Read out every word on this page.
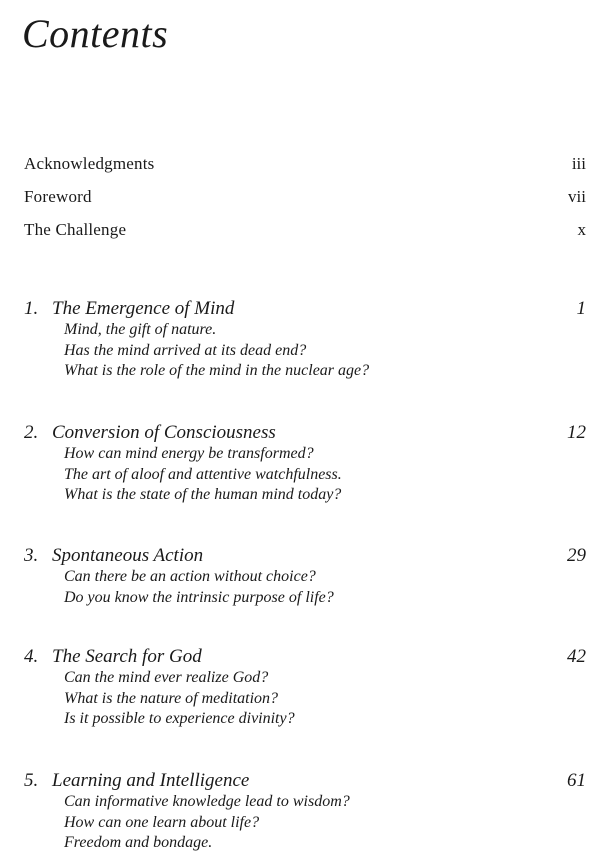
Contents
Acknowledgments	iii
Foreword	vii
The Challenge	x
1. The Emergence of Mind	1
Mind, the gift of nature.
Has the mind arrived at its dead end?
What is the role of the mind in the nuclear age?
2. Conversion of Consciousness	12
How can mind energy be transformed?
The art of aloof and attentive watchfulness.
What is the state of the human mind today?
3. Spontaneous Action	29
Can there be an action without choice?
Do you know the intrinsic purpose of life?
4. The Search for God	42
Can the mind ever realize God?
What is the nature of meditation?
Is it possible to experience divinity?
5. Learning and Intelligence	61
Can informative knowledge lead to wisdom?
How can one learn about life?
Freedom and bondage.
